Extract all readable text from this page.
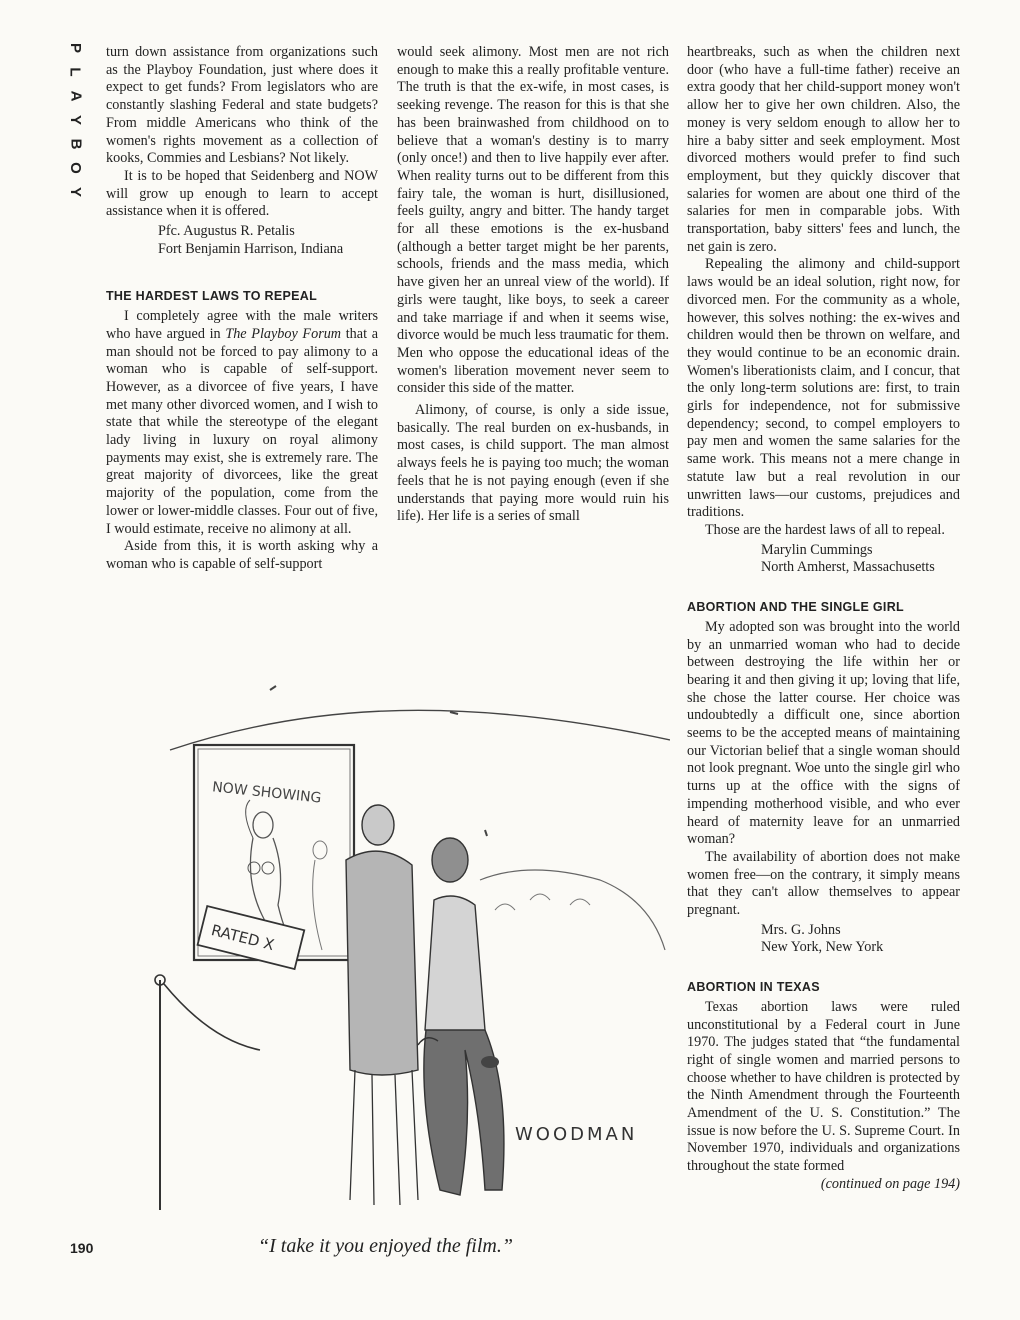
P
L
A
Y
B
O
Y

turn down assistance from organizations such as the Playboy Foundation, just where does it expect to get funds? From legislators who are constantly slashing Federal and state budgets? From middle Americans who think of the women's rights movement as a collection of kooks, Commies and Lesbians? Not likely.

It is to be hoped that Seidenberg and NOW will grow up enough to learn to accept assistance when it is offered.

Pfc. Augustus R. Petalis
Fort Benjamin Harrison, Indiana
THE HARDEST LAWS TO REPEAL

I completely agree with the male writers who have argued in The Playboy Forum that a man should not be forced to pay alimony to a woman who is capable of self-support. However, as a divorcee of five years, I have met many other divorced women, and I wish to state that while the stereotype of the elegant lady living in luxury on royal alimony payments may exist, she is extremely rare. The great majority of divorcees, like the great majority of the population, come from the lower or lower-middle classes. Four out of five, I would estimate, receive no alimony at all.

Aside from this, it is worth asking why a woman who is capable of self-support

would seek alimony. Most men are not rich enough to make this a really profitable venture. The truth is that the ex-wife, in most cases, is seeking revenge. The reason for this is that she has been brainwashed from childhood on to believe that a woman's destiny is to marry (only once!) and then to live happily ever after. When reality turns out to be different from this fairy tale, the woman is hurt, disillusioned, feels guilty, angry and bitter. The handy target for all these emotions is the ex-husband (although a better target might be her parents, schools, friends and the mass media, which have given her an unreal view of the world). If girls were taught, like boys, to seek a career and take marriage if and when it seems wise, divorce would be much less traumatic for them. Men who oppose the educational ideas of the women's liberation movement never seem to consider this side of the matter.

Alimony, of course, is only a side issue, basically. The real burden on ex-husbands, in most cases, is child support. The man almost always feels he is paying too much; the woman feels that he is not paying enough (even if she understands that paying more would ruin his life). Her life is a series of small

heartbreaks, such as when the children next door (who have a full-time father) receive an extra goody that her child-support money won't allow her to give her own children. Also, the money is very seldom enough to allow her to hire a baby sitter and seek employment. Most divorced mothers would prefer to find such employment, but they quickly discover that salaries for women are about one third of the salaries for men in comparable jobs. With transportation, baby sitters' fees and lunch, the net gain is zero.

Repealing the alimony and child-support laws would be an ideal solution, right now, for divorced men. For the community as a whole, however, this solves nothing: the ex-wives and children would then be thrown on welfare, and they would continue to be an economic drain. Women's liberationists claim, and I concur, that the only long-term solutions are: first, to train girls for independence, not for submissive dependency; second, to compel employers to pay men and women the same salaries for the same work. This means not a mere change in statute law but a real revolution in our unwritten laws—our customs, prejudices and traditions.

Those are the hardest laws of all to repeal.

Marylin Cummings
North Amherst, Massachusetts
ABORTION AND THE SINGLE GIRL

My adopted son was brought into the world by an unmarried woman who had to decide between destroying the life within her or bearing it and then giving it up; loving that life, she chose the latter course. Her choice was undoubtedly a difficult one, since abortion seems to be the accepted means of maintaining our Victorian belief that a single woman should not look pregnant. Woe unto the single girl who turns up at the office with the signs of impending motherhood visible, and who ever heard of maternity leave for an unmarried woman?

The availability of abortion does not make women free—on the contrary, it simply means that they can't allow themselves to appear pregnant.

Mrs. G. Johns
New York, New York
ABORTION IN TEXAS

Texas abortion laws were ruled unconstitutional by a Federal court in June 1970. The judges stated that “the fundamental right of single women and married persons to choose whether to have children is protected by the Ninth Amendment through the Fourteenth Amendment of the U. S. Constitution.” The issue is now before the U. S. Supreme Court. In November 1970, individuals and organizations throughout the state formed

(continued on page 194)
NOW SHOWING
RATED X
WOODMAN
“I take it you enjoyed the film.”
190
